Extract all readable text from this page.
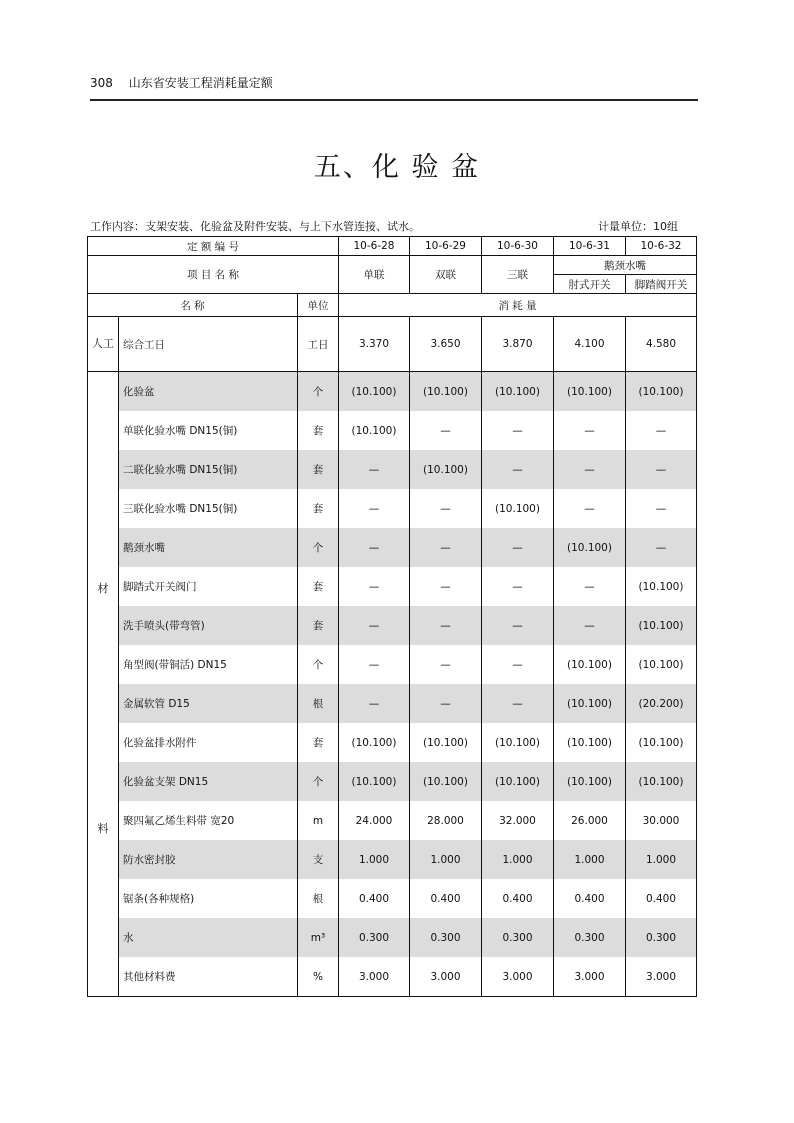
308 山东省安装工程消耗量定额
五、化 验 盆
工作内容：支架安装、化验盆及附件安装、与上下水管连接、试水。	计量单位：10组
定 额 编 号			10-6-28	10-6-29	10-6-30	10-6-31	10-6-32
项 目 名 称			单联	双联	三联	鹅颈水嘴	
						肘式开关	脚踏阀开关
名 称		单位	消 耗 量				
人工	综合工日	工日	3.370	3.650	3.870	4.100	4.580

材
料	化验盆	个	(10.100)	(10.100)	(10.100)	(10.100)	(10.100)
	单联化验水嘴 DN15(铜)	套	(10.100)	—	—	—	—
	二联化验水嘴 DN15(铜)	套	—	(10.100)	—	—	—
	三联化验水嘴 DN15(铜)	套	—	—	(10.100)	—	—
	鹅颈水嘴	个	—	—	—	(10.100)	—
	脚踏式开关阀门	套	—	—	—	—	(10.100)
	洗手喷头(带弯管)	套	—	—	—	—	(10.100)
	角型阀(带铜活) DN15	个	—	—	—	(10.100)	(10.100)
	金属软管 D15	根	—	—	—	(10.100)	(20.200)
	化验盆排水附件	套	(10.100)	(10.100)	(10.100)	(10.100)	(10.100)
	化验盆支架 DN15	个	(10.100)	(10.100)	(10.100)	(10.100)	(10.100)
	聚四氟乙烯生料带 宽20	m	24.000	28.000	32.000	26.000	30.000
	防水密封胶	支	1.000	1.000	1.000	1.000	1.000
	锯条(各种规格)	根	0.400	0.400	0.400	0.400	0.400
	水	m³	0.300	0.300	0.300	0.300	0.300
	其他材料费	%	3.000	3.000	3.000	3.000	3.000
